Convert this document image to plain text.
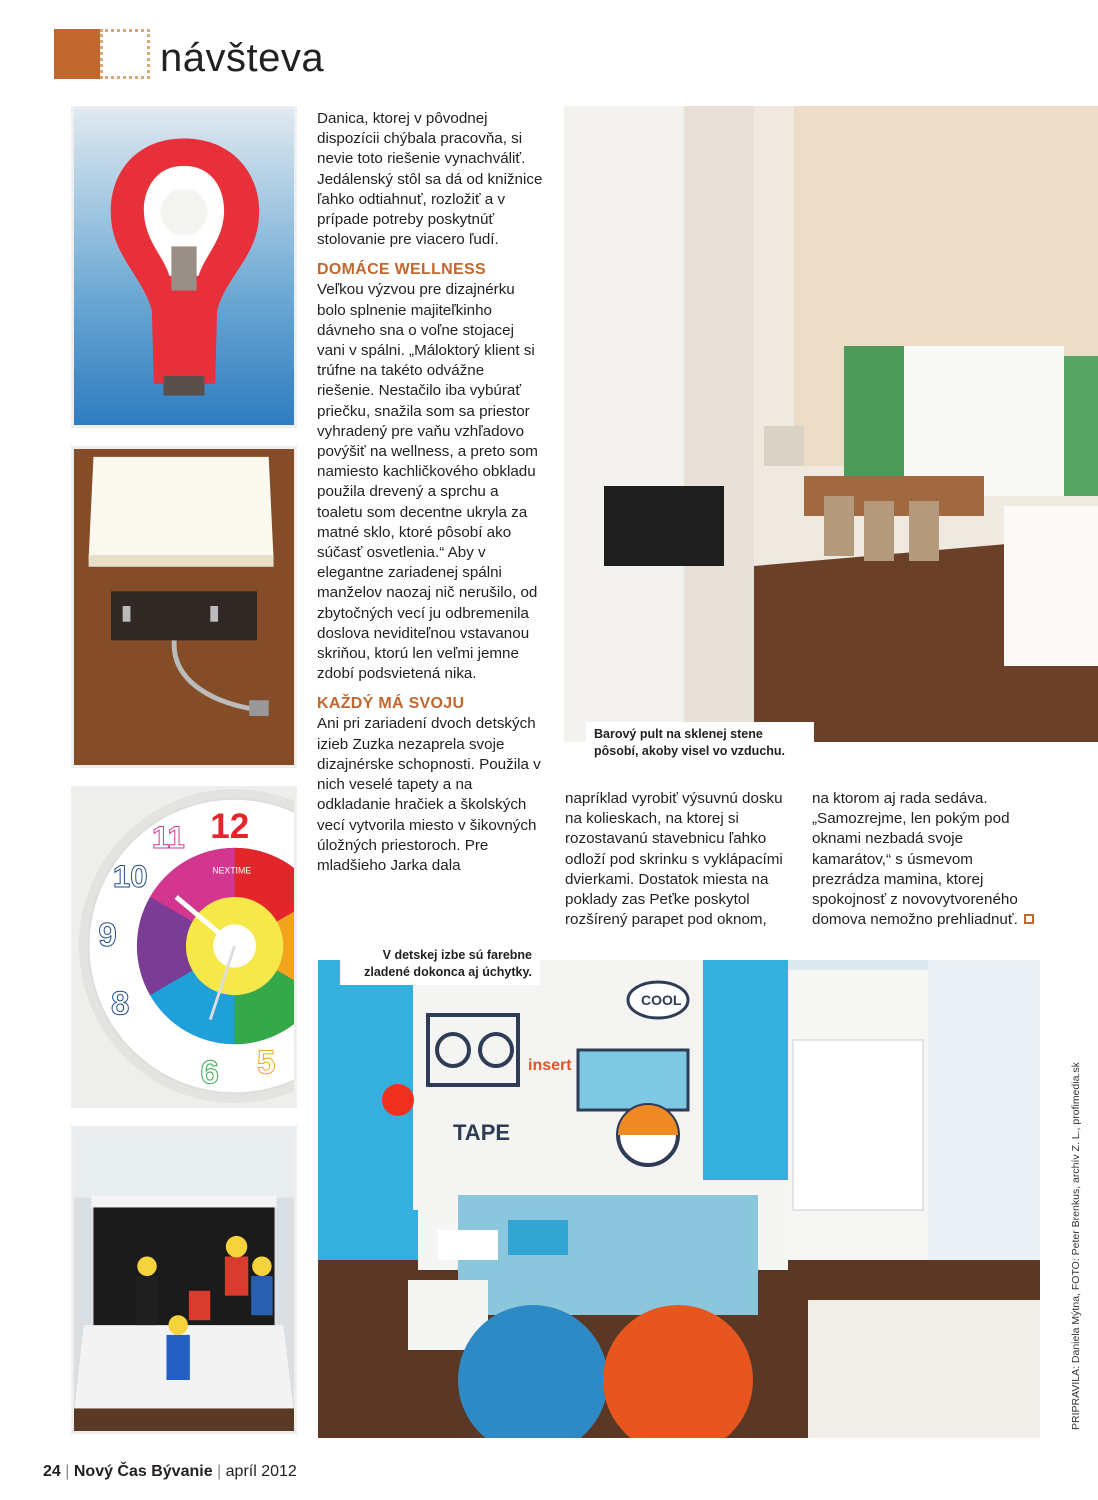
návšteva
12
9
8
6 5
10
11
NEXTIME

Danica, ktorej v pôvodnej dispozícii chýbala pracovňa, si nevie toto riešenie vynachváliť. Jedálenský stôl sa dá od knižnice ľahko odtiahnuť, rozložiť a v prípade potreby poskytnúť stolovanie pre viacero ľudí.

DOMÁCE WELLNESS

Veľkou výzvou pre dizajnérku bolo splnenie majiteľkinho dávneho sna o voľne stojacej vani v spálni. „Máloktorý klient si trúfne na takéto odvážne riešenie. Nestačilo iba vybúrať priečku, snažila som sa priestor vyhradený pre vaňu vzhľadovo povýšiť na wellness, a preto som namiesto kachličkového obkladu použila drevený a sprchu a toaletu som decentne ukryla za matné sklo, ktoré pôsobí ako súčasť osvetlenia.“ Aby v elegantne zariadenej spálni manželov naozaj nič nerušilo, od zbytočných vecí ju odbremenila doslova neviditeľnou vstavanou skriňou, ktorú len veľmi jemne zdobí podsvietená nika.

KAŽDÝ MÁ SVOJU

Ani pri zariadení dvoch detských izieb Zuzka nezaprela svoje dizajnérske schopnosti. Použila v nich veselé tapety a na odkladanie hračiek a školských vecí vytvorila miesto v šikovných úložných priestoroch. Pre mladšieho Jarka dala

Barový pult na sklenej stene pôsobí, akoby visel vo vzduchu.

napríklad vyrobiť výsuvnú dosku na kolieskach, na ktorej si rozostavanú stavebnicu ľahko odloží pod skrinku s vyklápacími dvierkami. Dostatok miesta na poklady zas Peťke poskytol rozšírený parapet pod oknom,

na ktorom aj rada sedáva. „Samozrejme, len pokým pod oknami nezbadá svoje kamarátov,“ s úsmevom prezrádza mamina, ktorej spokojnosť z novovytvoreného domova nemožno prehliadnuť.

COOL
insert
TAPE
V detskej izbe sú farebne zladené dokonca aj úchytky.
PRIPRAVILA: Daniela Mýtna, FOTO: Peter Brenkus, archív Z. L., profimedia.sk
24 | Nový Čas Bývanie | apríl 2012
